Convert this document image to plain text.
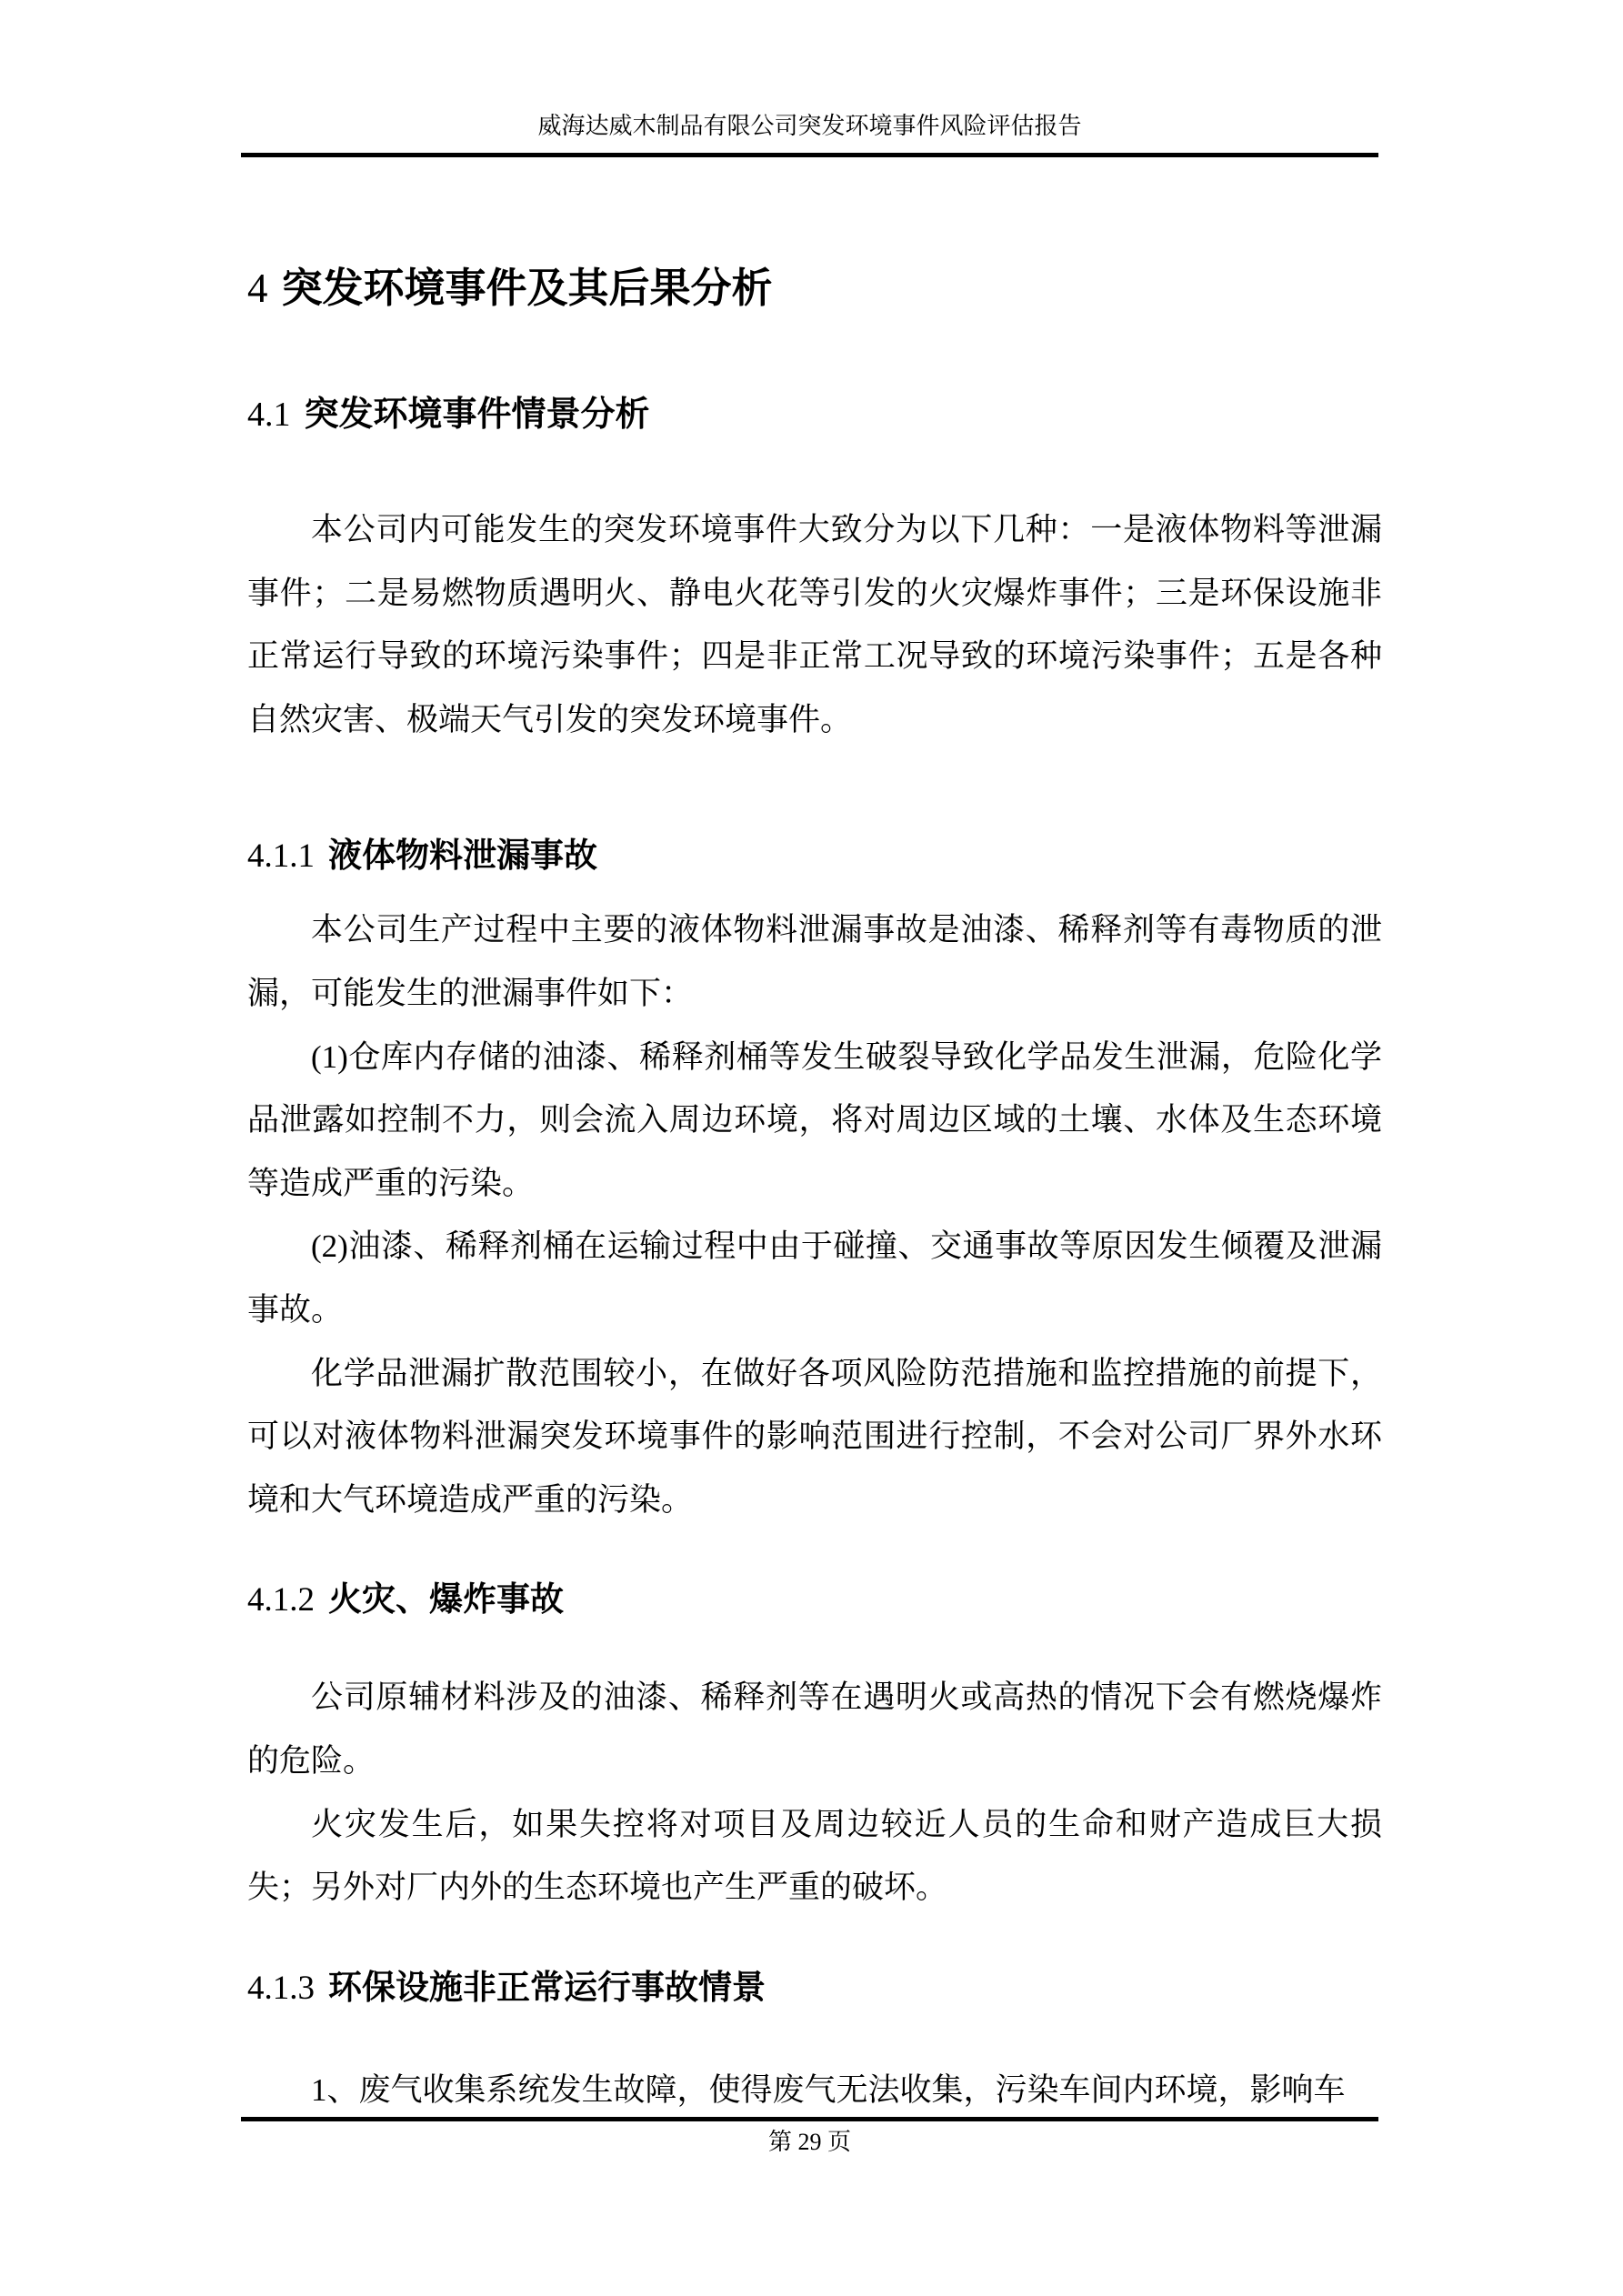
威海达威木制品有限公司突发环境事件风险评估报告
4 突发环境事件及其后果分析
4.1 突发环境事件情景分析

本公司内可能发生的突发环境事件大致分为以下几种：一是液体物料等泄漏事件；二是易燃物质遇明火、静电火花等引发的火灾爆炸事件；三是环保设施非正常运行导致的环境污染事件；四是非正常工况导致的环境污染事件；五是各种自然灾害、极端天气引发的突发环境事件。

4.1.1 液体物料泄漏事故

本公司生产过程中主要的液体物料泄漏事故是油漆、稀释剂等有毒物质的泄漏，可能发生的泄漏事件如下：

(1)仓库内存储的油漆、稀释剂桶等发生破裂导致化学品发生泄漏，危险化学品泄露如控制不力，则会流入周边环境，将对周边区域的土壤、水体及生态环境等造成严重的污染。

(2)油漆、稀释剂桶在运输过程中由于碰撞、交通事故等原因发生倾覆及泄漏事故。

化学品泄漏扩散范围较小，在做好各项风险防范措施和监控措施的前提下，可以对液体物料泄漏突发环境事件的影响范围进行控制，不会对公司厂界外水环境和大气环境造成严重的污染。

4.1.2 火灾、爆炸事故

公司原辅材料涉及的油漆、稀释剂等在遇明火或高热的情况下会有燃烧爆炸的危险。

火灾发生后，如果失控将对项目及周边较近人员的生命和财产造成巨大损失；另外对厂内外的生态环境也产生严重的破坏。

4.1.3 环保设施非正常运行事故情景

1、废气收集系统发生故障，使得废气无法收集，污染车间内环境，影响车

第 29 页
